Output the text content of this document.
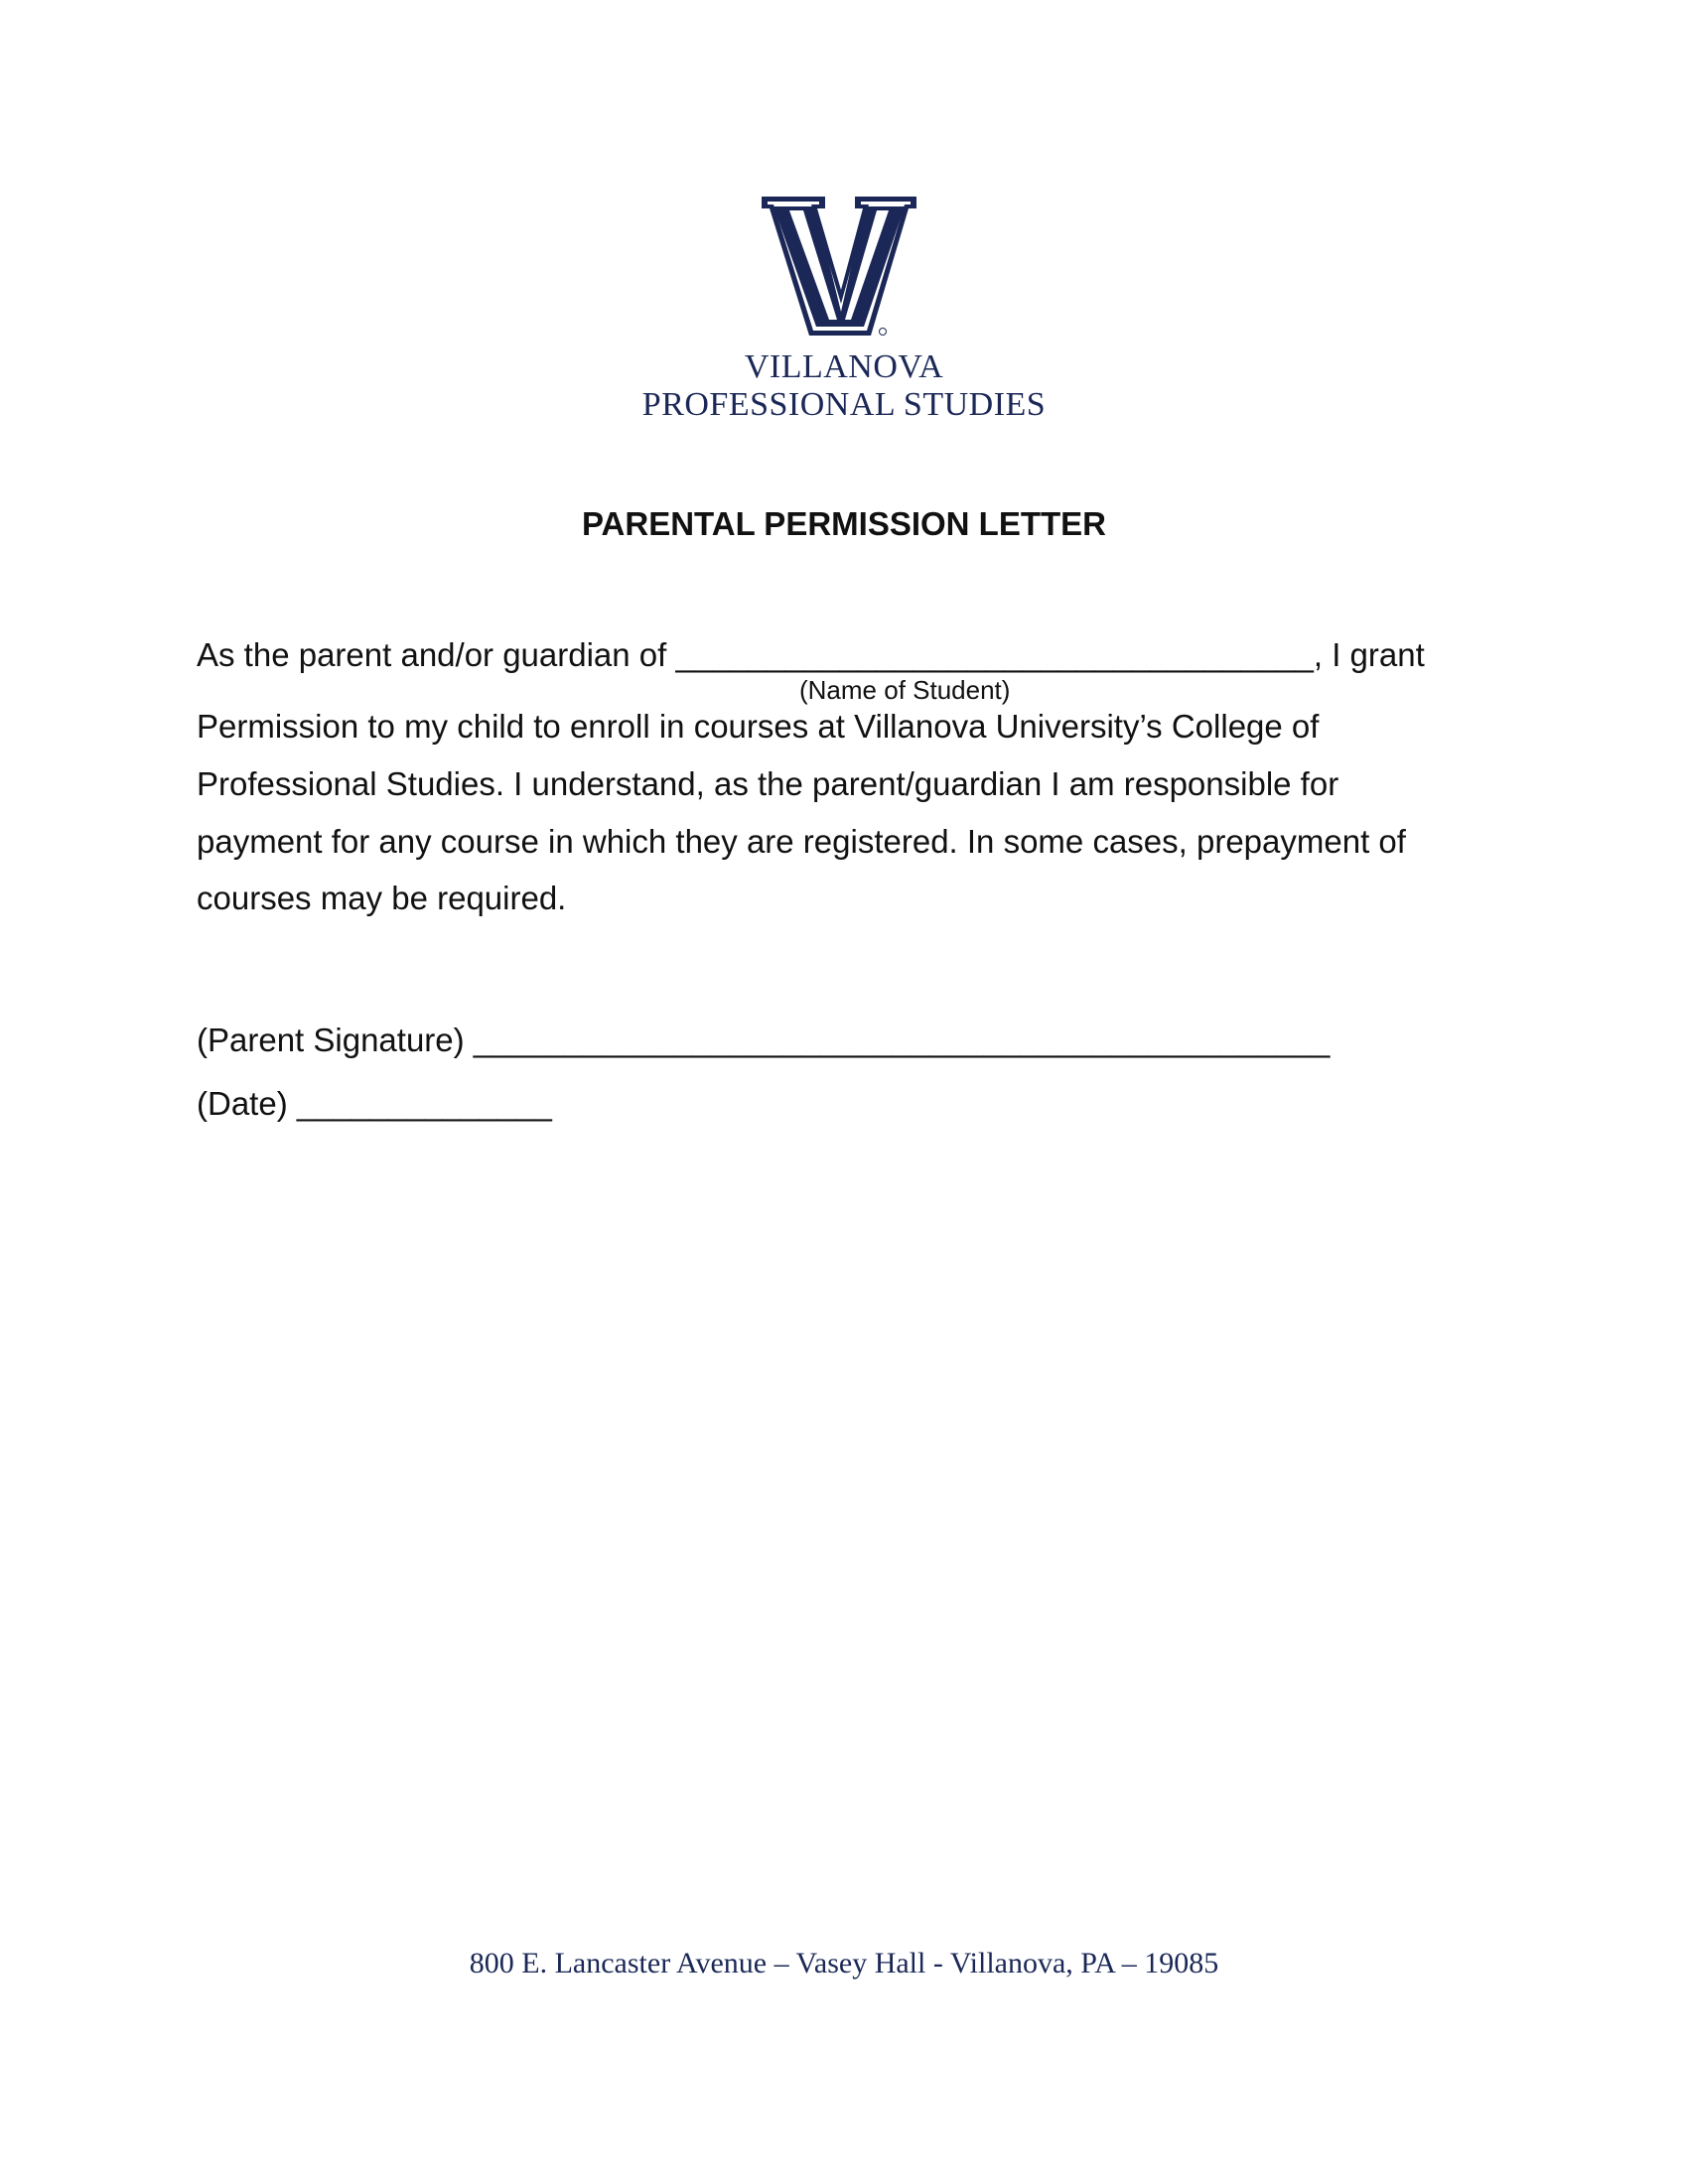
VILLANOVA
PROFESSIONAL STUDIES
PARENTAL PERMISSION LETTER
As the parent and/or guardian of ___________________________________, I grant
(Name of Student)
Permission to my child to enroll in courses at Villanova University’s College of
Professional Studies. I understand, as the parent/guardian I am responsible for
payment for any course in which they are registered. In some cases, prepayment of
courses may be required.
(Parent Signature) _______________________________________________
(Date) ______________
800 E. Lancaster Avenue – Vasey Hall - Villanova, PA – 19085
